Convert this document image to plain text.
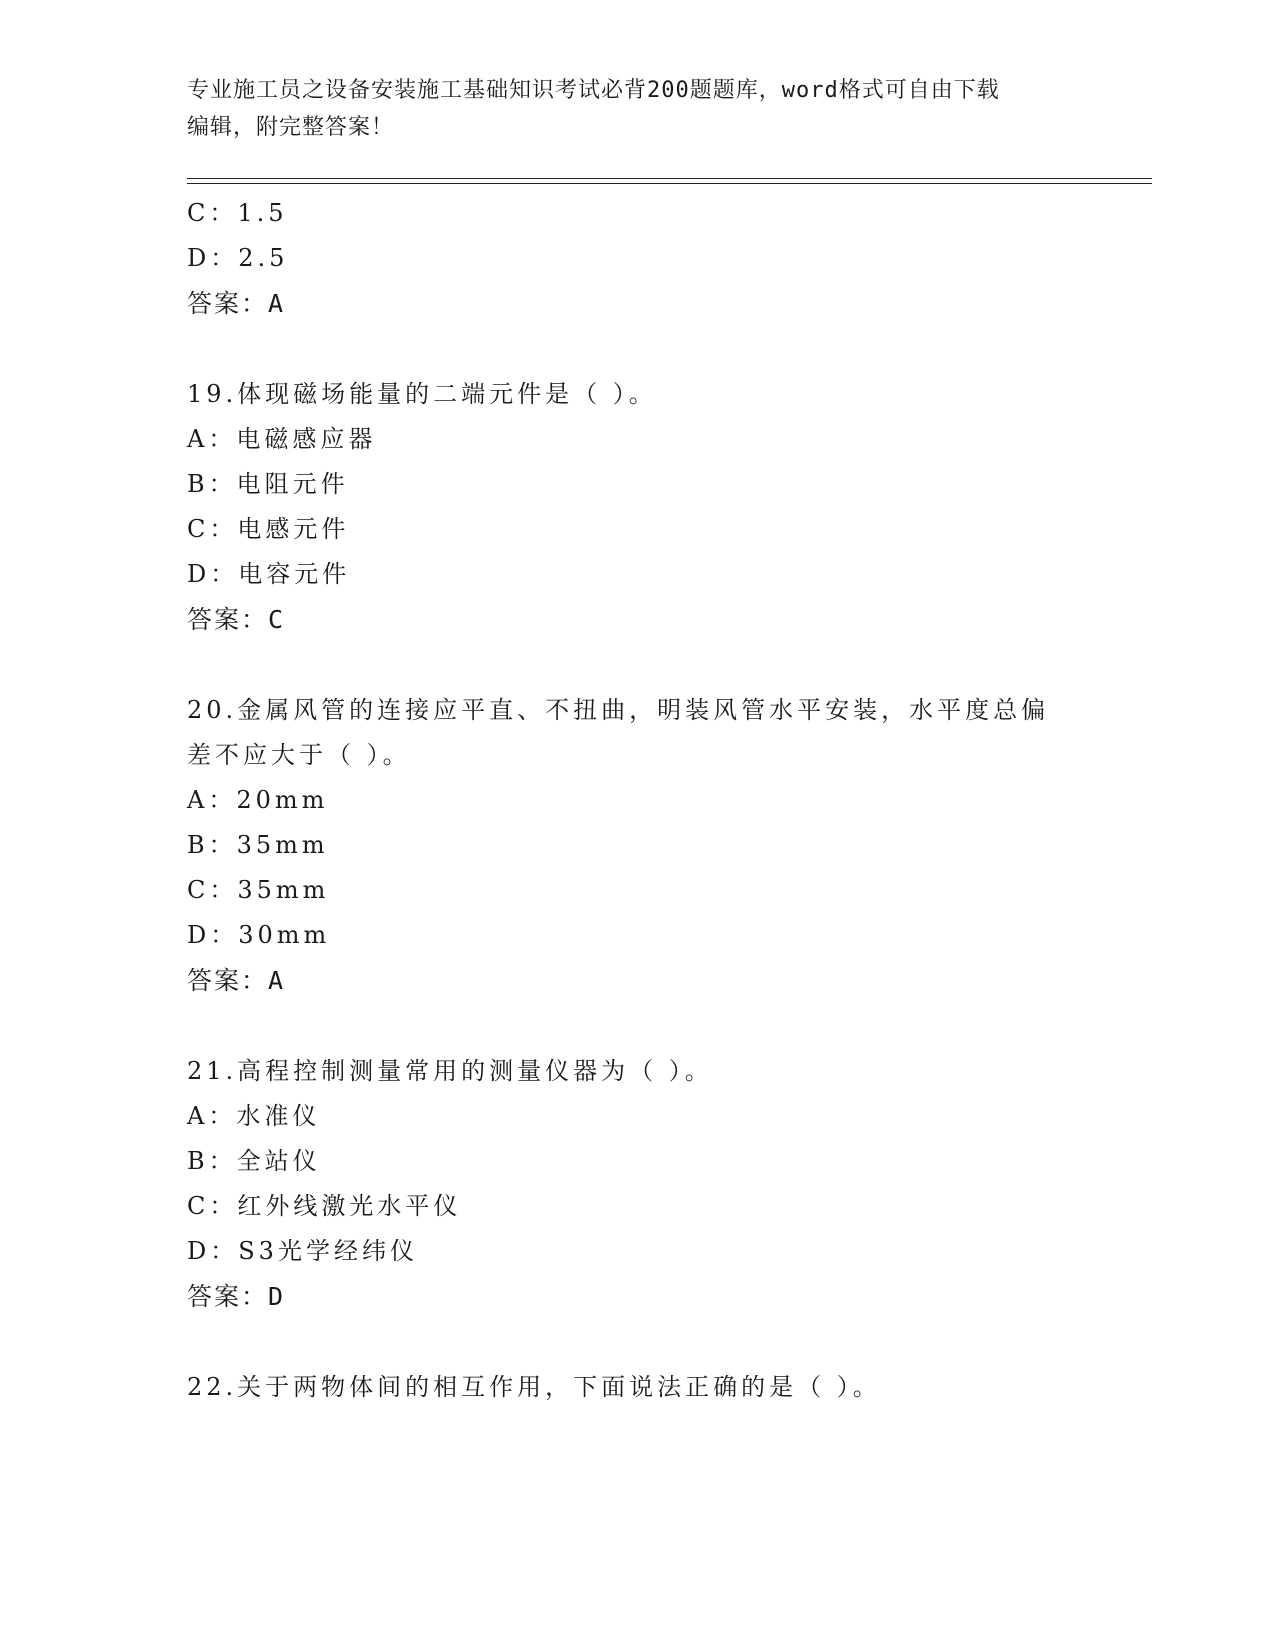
专业施工员之设备安装施工基础知识考试必背200题题库，word格式可自由下载
编辑，附完整答案！
C：1.5
D：2.5
答案：A
19.体现磁场能量的二端元件是（ ）。
A：电磁感应器
B：电阻元件
C：电感元件
D：电容元件
答案：C
20.金属风管的连接应平直、不扭曲，明装风管水平安装，水平度总偏
差不应大于（ ）。
A：20mm
B：35mm
C：35mm
D：30mm
答案：A
21.高程控制测量常用的测量仪器为（ ）。
A：水准仪
B：全站仪
C：红外线激光水平仪
D：S3光学经纬仪
答案：D
22.关于两物体间的相互作用，下面说法正确的是（ ）。
